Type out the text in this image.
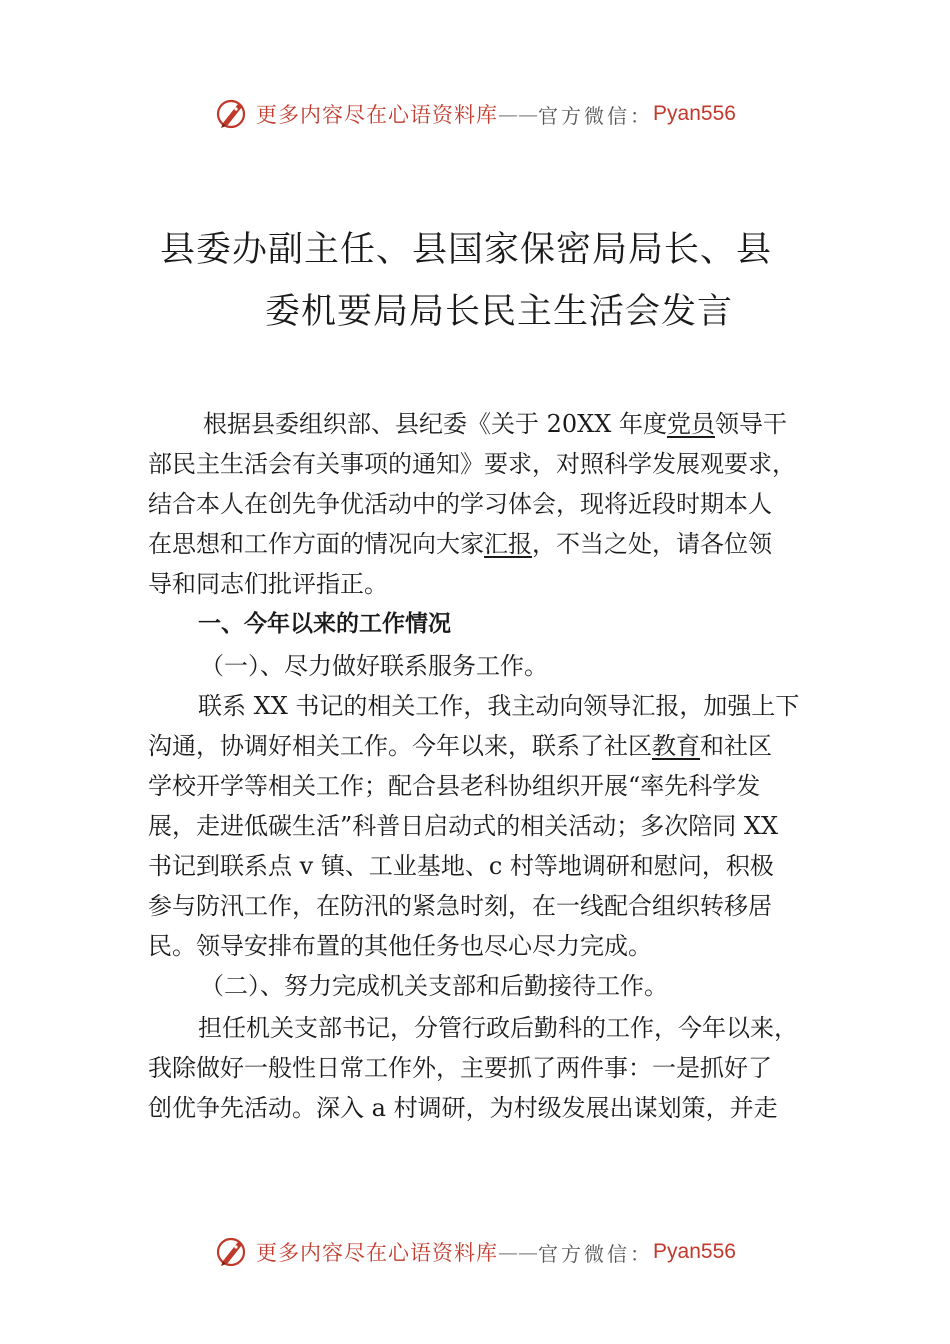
更多内容尽在心语资料库 —— 官方微信： Pyan556
县委办副主任、县国家保密局局长、县
委机要局局长民主生活会发言
根据县委组织部、县纪委《关于 20XX 年度党员领导干
部民主生活会有关事项的通知》要求，对照科学发展观要求，
结合本人在创先争优活动中的学习体会，现将近段时期本人
在思想和工作方面的情况向大家汇报，不当之处，请各位领
导和同志们批评指正。
一、今年以来的工作情况
（一）、尽力做好联系服务工作。
联系 XX 书记的相关工作，我主动向领导汇报，加强上下
沟通，协调好相关工作。今年以来，联系了社区教育和社区
学校开学等相关工作；配合县老科协组织开展“率先科学发
展，走进低碳生活”科普日启动式的相关活动；多次陪同 XX
书记到联系点 v 镇、工业基地、c 村等地调研和慰问，积极
参与防汛工作，在防汛的紧急时刻，在一线配合组织转移居
民。领导安排布置的其他任务也尽心尽力完成。
（二）、努力完成机关支部和后勤接待工作。
担任机关支部书记，分管行政后勤科的工作，今年以来，
我除做好一般性日常工作外，主要抓了两件事：一是抓好了
创优争先活动。深入 a 村调研，为村级发展出谋划策，并走
更多内容尽在心语资料库 —— 官方微信： Pyan556
